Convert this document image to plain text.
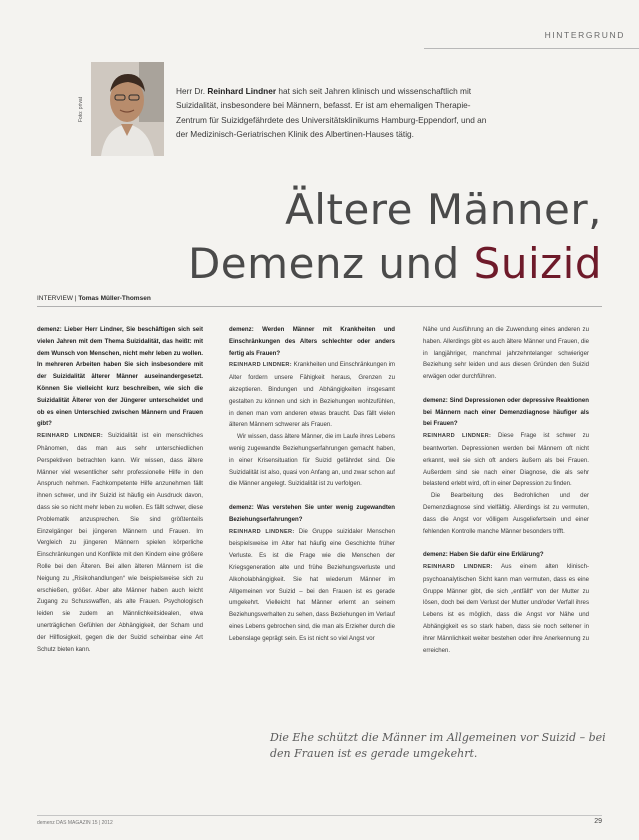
HINTERGRUND
Foto: privat
Herr Dr. Reinhard Lindner hat sich seit Jahren klinisch und wissenschaftlich mit Suizidalität, insbesondere bei Männern, befasst. Er ist am ehemaligen Therapie-Zentrum für Suizidgefährdete des Universitätsklinikums Hamburg-Eppendorf, und an der Medizinisch-Geriatrischen Klinik des Albertinen-Hauses tätig.
Ältere Männer,
Demenz und Suizid
INTERVIEW | Tomas Müller-Thomsen

demenz: Lieber Herr Lindner, Sie beschäftigen sich seit vielen Jahren mit dem Thema Suizidalität, das heißt: mit dem Wunsch von Menschen, nicht mehr leben zu wollen. In mehreren Arbeiten haben Sie sich insbesondere mit der Suizidalität älterer Männer auseinandergesetzt. Können Sie vielleicht kurz beschreiben, wie sich die Suizidalität Älterer von der Jüngerer unterscheidet und ob es einen Unterschied zwischen Männern und Frauen gibt?

REINHARD LINDNER: Suizidalität ist ein menschliches Phänomen, das man aus sehr unterschiedlichen Perspektiven betrachten kann. Wir wissen, dass ältere Männer viel wesentlicher sehr professionelle Hilfe in den Anspruch nehmen. Fachkompetente Hilfe anzunehmen fällt ihnen schwer, und ihr Suizid ist häufig ein Ausdruck davon, dass sie so nicht mehr leben zu wollen. Es fällt schwer, diese Problematik anzusprechen. Sie sind größtenteils Einzelgänger bei jüngeren Männern und Frauen. Im Vergleich zu jüngeren Männern spielen körperliche Einschränkungen und Konflikte mit den Kindern eine größere Rolle bei den Älteren. Bei allen älteren Männern ist die Neigung zu „Risikohandlungen“ wie beispielsweise sich zu erschießen, größer. Aber alte Männer haben auch leicht Zugang zu Schusswaffen, als alte Frauen. Psychologisch leiden sie zudem an Männlichkeitsidealen, etwa unerträglichen Gefühlen der Abhängigkeit, der Scham und der Hilflosigkeit, gegen die der Suizid scheinbar eine Art Schutz bieten kann.

demenz: Werden Männer mit Krankheiten und Einschränkungen des Alters schlechter oder anders fertig als Frauen?

REINHARD LINDNER: Krankheiten und Einschränkungen im Alter fordern unsere Fähigkeit heraus, Grenzen zu akzeptieren. Bindungen und Abhängigkeiten insgesamt gestalten zu können und sich in Beziehungen wohlzufühlen, in denen man vom anderen etwas braucht. Das fällt vielen älteren Männern schwerer als Frauen.

Wir wissen, dass ältere Männer, die im Laufe ihres Lebens wenig zugewandte Beziehungserfahrungen gemacht haben, in einer Krisensituation für Suizid gefährdet sind. Die Suizidalität ist also, quasi von Anfang an, und zwar schon auf die Männer angelegt. Suizidalität ist zu verfolgen.

demenz: Was verstehen Sie unter wenig zugewandten Beziehungserfahrungen?

REINHARD LINDNER: Die Gruppe suizidaler Menschen beispielsweise im Alter hat häufig eine Geschichte früher Verluste. Es ist die Frage wie die Menschen der Kriegsgeneration alte und frühe Beziehungsverluste und Alkoholabhängigkeit. Sie hat wiederum Männer im Allgemeinen vor Suizid – bei den Frauen ist es gerade umgekehrt. Vielleicht hat Männer erlernt an seinem Beziehungsverhalten zu sehen, dass Beziehungen im Verlauf eines Lebens gebrochen sind, die man als Erzieher durch die Lebenslage geprägt sein. Es ist nicht so viel Angst vor

Nähe und Ausführung an die Zuwendung eines anderen zu haben. Allerdings gibt es auch ältere Männer und Frauen, die in langjähriger, manchmal jahrzehntelanger schwieriger Beziehung sehr leiden und aus diesen Gründen den Suizid erwägen oder durchführen.

demenz: Sind Depressionen oder depressive Reaktionen bei Männern nach einer Demenzdiagnose häufiger als bei Frauen?

REINHARD LINDNER: Diese Frage ist schwer zu beantworten. Depressionen werden bei Männern oft nicht erkannt, weil sie sich oft anders äußern als bei Frauen. Außerdem sind sie nach einer Diagnose, die als sehr belastend erlebt wird, oft in einer Depression zu finden.

Die Bearbeitung des Bedrohlichen und der Demenzdiagnose sind vielfältig. Allerdings ist zu vermuten, dass die Angst vor völligem Ausgeliefertsein und einer fehlenden Kontrolle manche Männer besonders trifft.

demenz: Haben Sie dafür eine Erklärung?

REINHARD LINDNER: Aus einem alten klinisch-psychoanalytischen Sicht kann man vermuten, dass es eine Gruppe Männer gibt, die sich „entfällt“ von der Mutter zu lösen, doch bei dem Verlust der Mutter und/oder Verfall ihres Lebens ist es möglich, dass die Angst vor Nähe und Abhängigkeit es so stark haben, dass sie noch seltener in ihrer Männlichkeit weiter bestehen oder ihre Anerkennung zu erreichen.

Die Ehe schützt die Männer im Allgemeinen vor Suizid – bei den Frauen ist es gerade umgekehrt.
demenz DAS MAGAZIN 15 | 2012	29
